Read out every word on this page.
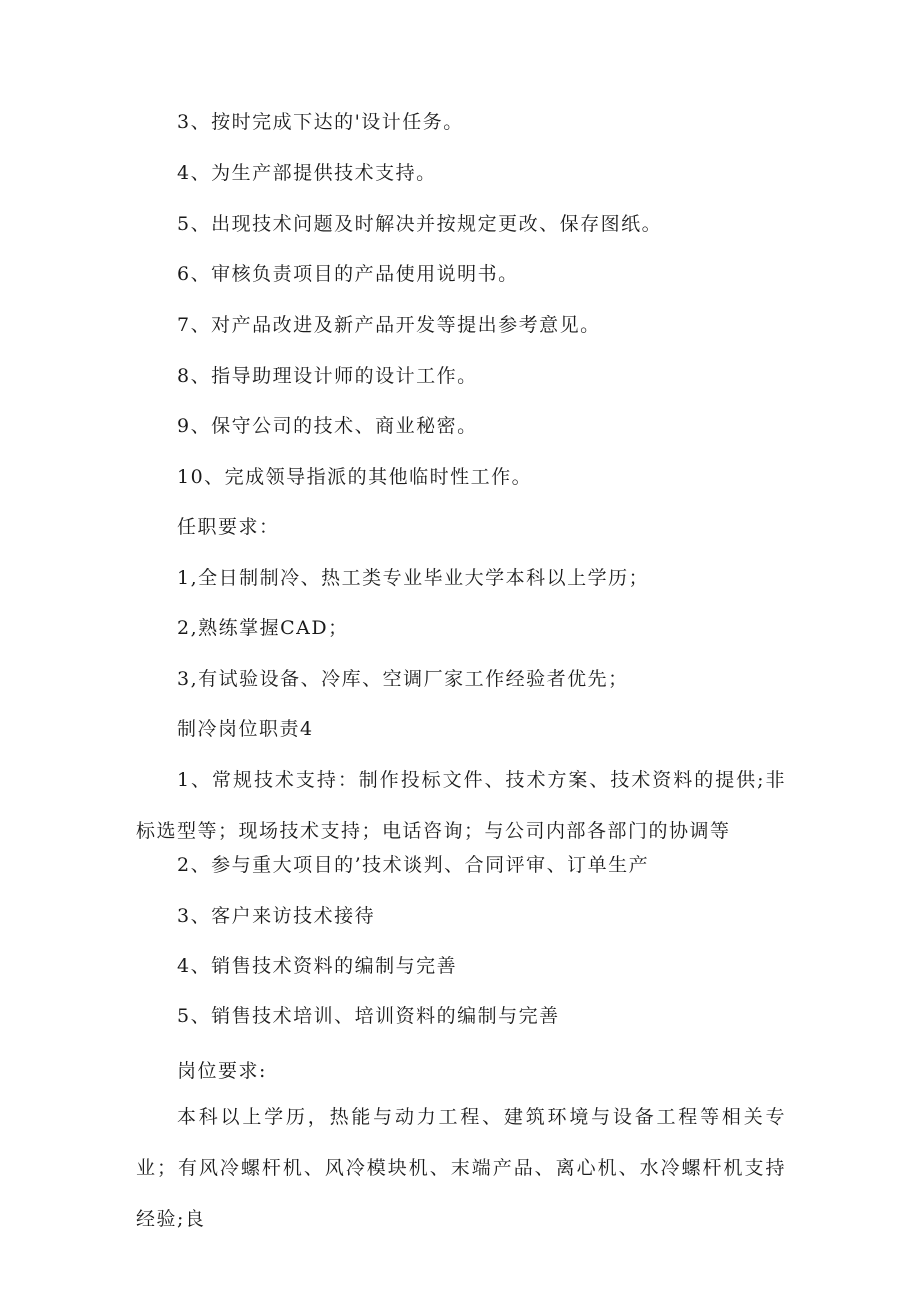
3、按时完成下达的'设计任务。
4、为生产部提供技术支持。
5、出现技术问题及时解决并按规定更改、保存图纸。
6、审核负责项目的产品使用说明书。
7、对产品改进及新产品开发等提出参考意见。
8、指导助理设计师的设计工作。
9、保守公司的技术、商业秘密。
10、完成领导指派的其他临时性工作。
任职要求：
1,全日制制冷、热工类专业毕业大学本科以上学历；
2,熟练掌握CAD；
3,有试验设备、冷库、空调厂家工作经验者优先；
制冷岗位职责4
1、常规技术支持：制作投标文件、技术方案、技术资料的提供;非标选型等；现场技术支持；电话咨询；与公司内部各部门的协调等
2、参与重大项目的’技术谈判、合同评审、订单生产
3、客户来访技术接待
4、销售技术资料的编制与完善
5、销售技术培训、培训资料的编制与完善
岗位要求:
本科以上学历，热能与动力工程、建筑环境与设备工程等相关专业；有风冷螺杆机、风冷模块机、末端产品、离心机、水冷螺杆机支持经验;良
